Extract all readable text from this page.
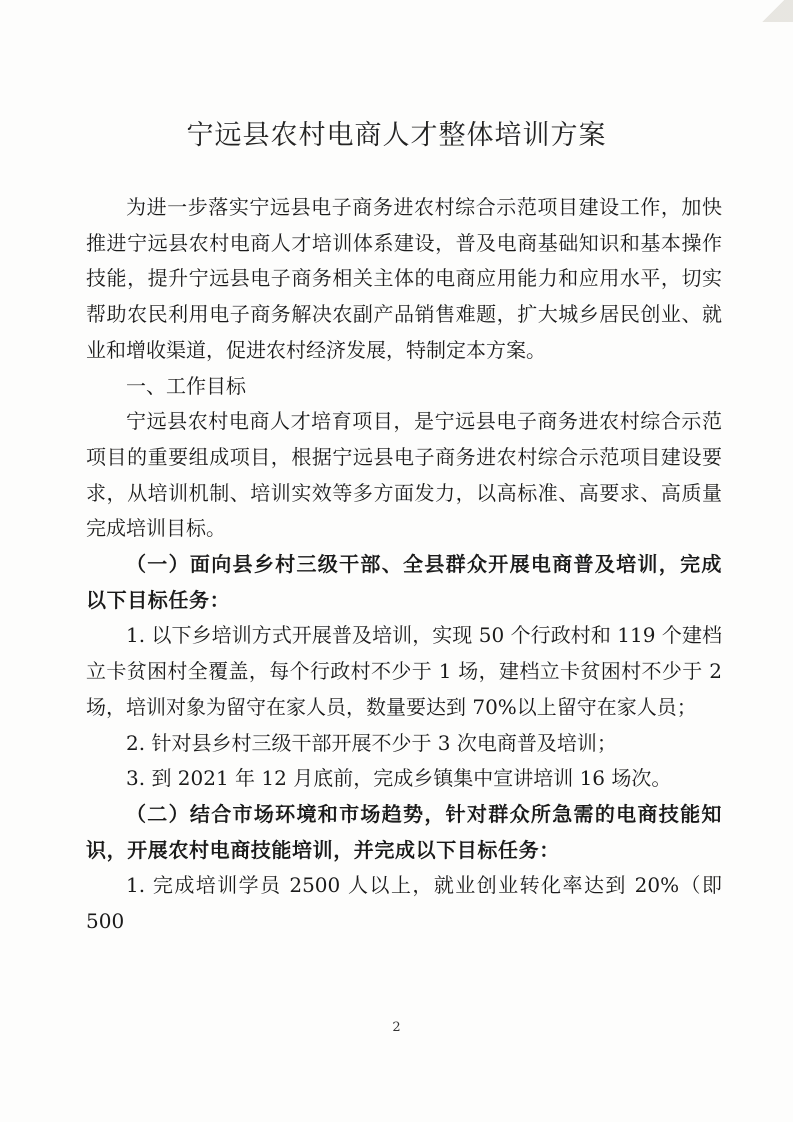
宁远县农村电商人才整体培训方案

为进一步落实宁远县电子商务进农村综合示范项目建设工作，加快推进宁远县农村电商人才培训体系建设，普及电商基础知识和基本操作技能，提升宁远县电子商务相关主体的电商应用能力和应用水平，切实帮助农民利用电子商务解决农副产品销售难题，扩大城乡居民创业、就业和增收渠道，促进农村经济发展，特制定本方案。

一、工作目标

宁远县农村电商人才培育项目，是宁远县电子商务进农村综合示范项目的重要组成项目，根据宁远县电子商务进农村综合示范项目建设要求，从培训机制、培训实效等多方面发力，以高标准、高要求、高质量完成培训目标。

（一）面向县乡村三级干部、全县群众开展电商普及培训，完成以下目标任务：

1. 以下乡培训方式开展普及培训，实现 50 个行政村和 119 个建档立卡贫困村全覆盖，每个行政村不少于 1 场，建档立卡贫困村不少于 2 场，培训对象为留守在家人员，数量要达到 70%以上留守在家人员；

2. 针对县乡村三级干部开展不少于 3 次电商普及培训；

3. 到 2021 年 12 月底前，完成乡镇集中宣讲培训 16 场次。

（二）结合市场环境和市场趋势，针对群众所急需的电商技能知识，开展农村电商技能培训，并完成以下目标任务：

1. 完成培训学员 2500 人以上，就业创业转化率达到 20%（即 500

2
